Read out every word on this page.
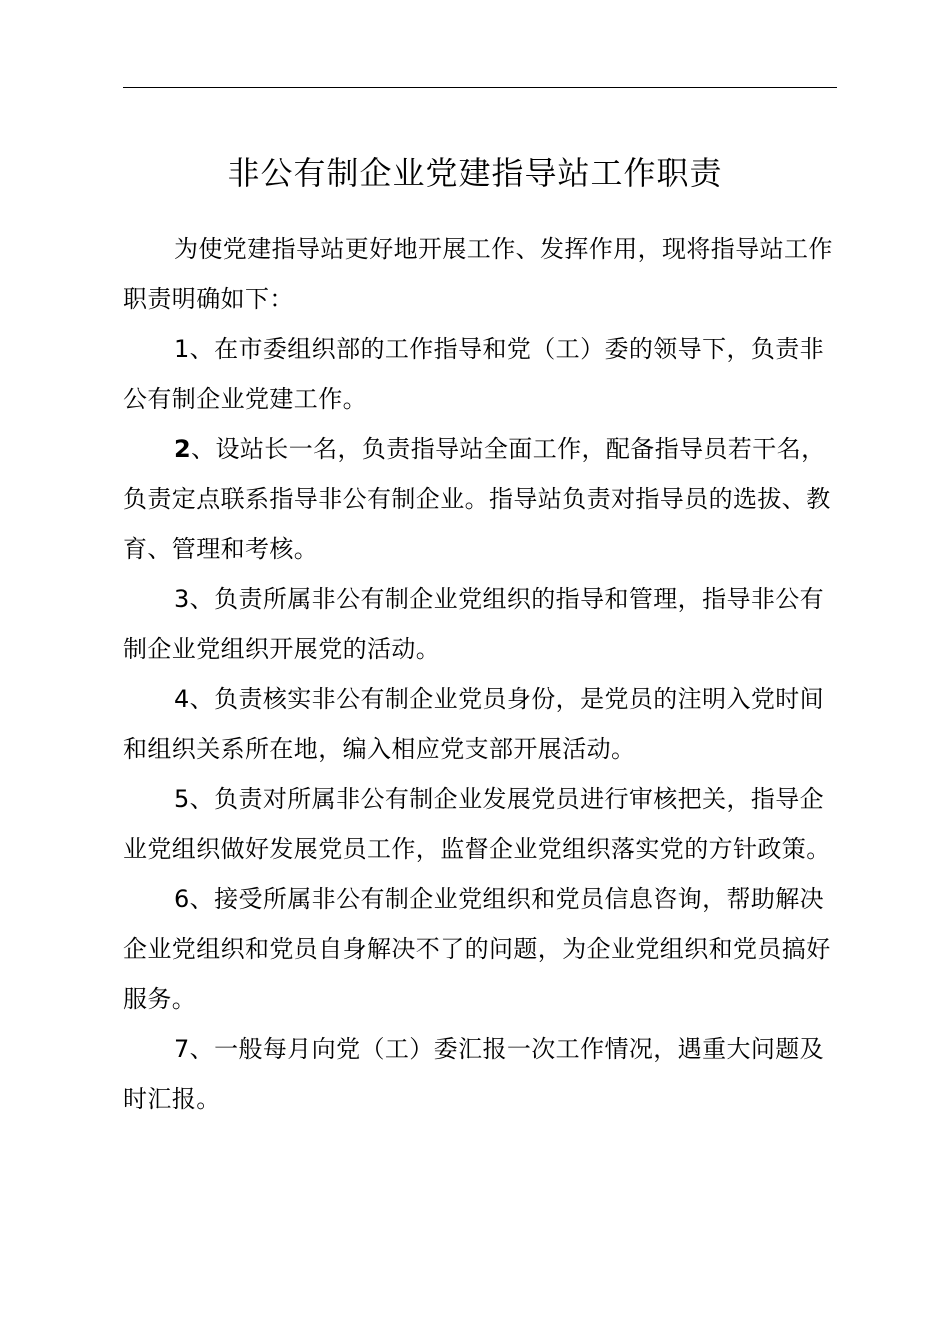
非公有制企业党建指导站工作职责

为使党建指导站更好地开展工作、发挥作用，现将指导站工作职责明确如下：

1、在市委组织部的工作指导和党（工）委的领导下，负责非公有制企业党建工作。

2、设站长一名，负责指导站全面工作，配备指导员若干名，负责定点联系指导非公有制企业。指导站负责对指导员的选拔、教育、管理和考核。

3、负责所属非公有制企业党组织的指导和管理，指导非公有制企业党组织开展党的活动。

4、负责核实非公有制企业党员身份，是党员的注明入党时间和组织关系所在地，编入相应党支部开展活动。

5、负责对所属非公有制企业发展党员进行审核把关，指导企业党组织做好发展党员工作，监督企业党组织落实党的方针政策。

6、接受所属非公有制企业党组织和党员信息咨询，帮助解决企业党组织和党员自身解决不了的问题，为企业党组织和党员搞好服务。

7、一般每月向党（工）委汇报一次工作情况，遇重大问题及时汇报。
